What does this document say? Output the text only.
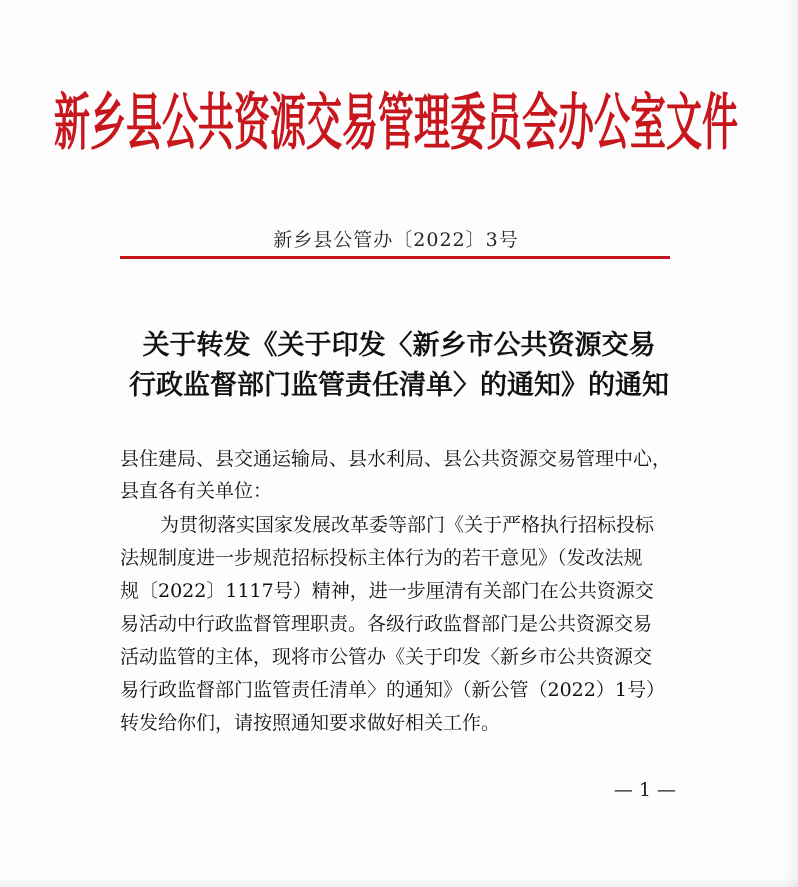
新乡县公共资源交易管理委员会办公室文件
新乡县公管办〔2022〕3号
关于转发《关于印发〈新乡市公共资源交易
行政监督部门监管责任清单〉的通知》的通知
县住建局、县交通运输局、县水利局、县公共资源交易管理中心，
县直各有关单位：
为贯彻落实国家发展改革委等部门《关于严格执行招标投标
法规制度进一步规范招标投标主体行为的若干意见》（发改法规
规〔2022〕1117号）精神，进一步厘清有关部门在公共资源交
易活动中行政监督管理职责。各级行政监督部门是公共资源交易
活动监管的主体，现将市公管办《关于印发〈新乡市公共资源交
易行政监督部门监管责任清单〉的通知》（新公管（2022）1号）
转发给你们，请按照通知要求做好相关工作。
— 1 —
